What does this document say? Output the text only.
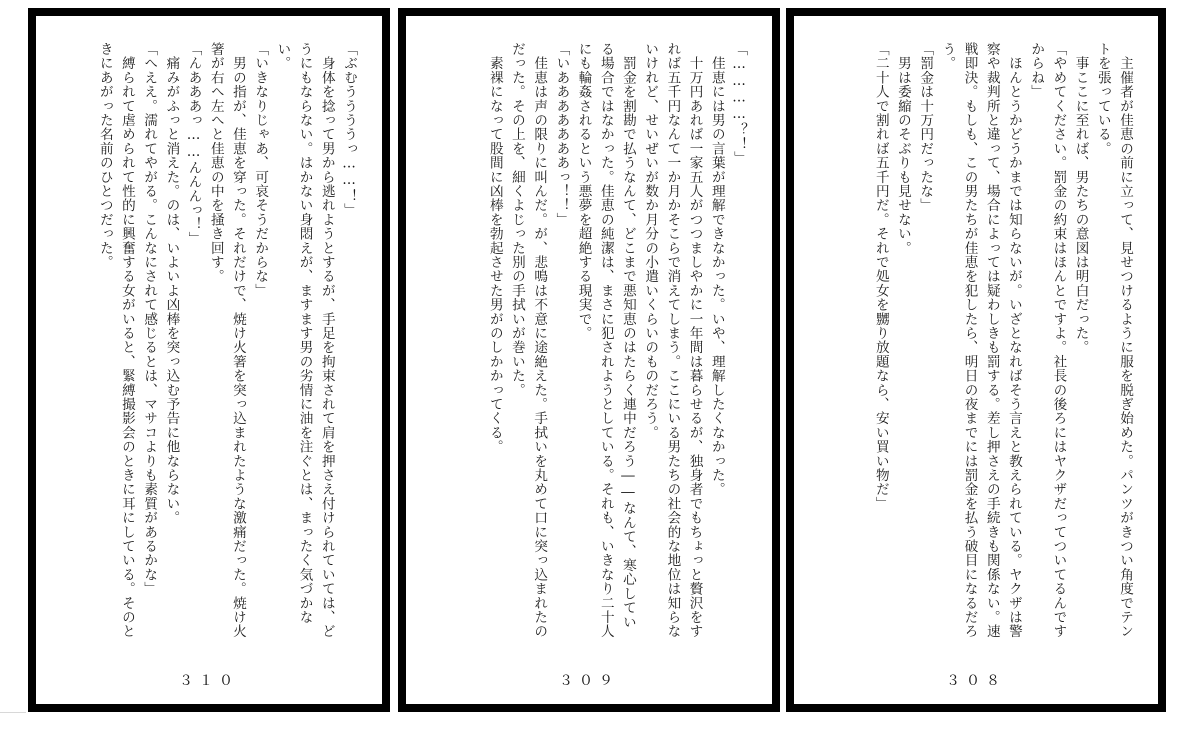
「ぶむううううっ……！」

　身体を捻って男から逃れようとするが、手足を拘束されて肩を押さえ付けられていては、どうにもならない。はかない身悶えが、ますます男の劣情に油を注ぐとは、まったく気づかない。

「いきなりじゃあ、可哀そうだからな」

　男の指が、佳恵を穿った。それだけで、焼け火箸を突っ込まれたような激痛だった。焼け火箸が右へ左へと佳恵の中を掻き回す。

「んあああっ……んんんっ！」

　痛みがふっと消えた。のは、いよいよ凶棒を突っ込む予告に他ならない。

「へええ。濡れてやがる。こんなにされて感じるとは、マサコよりも素質があるかな」

　縛られて虐められて性的に興奮する女がいると、緊縛撮影会のときに耳にしている。そのときにあがった名前のひとつだった。

３１０

「…………？！」

　佳恵には男の言葉が理解できなかった。いや、理解したくなかった。

　十万円あれば一家五人がつつましやかに一年間は暮らせるが、独身者でもちょっと贅沢をすれば五千円なんて一か月かそこらで消えてしまう。ここにいる男たちの社会的な地位は知らないけれど、せいぜいが数か月分の小遣いくらいのものだろう。

　罰金を割勘で払うなんて、どこまで悪知恵のはたらく連中だろう――なんて、寒心している場合ではなかった。佳恵の純潔は、まさに犯されようとしている。それも、いきなり二十人にも輪姦されるという悪夢を超絶する現実で。

「いあああああああっ！！」

　佳恵は声の限りに叫んだ。が、悲鳴は不意に途絶えた。手拭いを丸めて口に突っ込まれたのだった。その上を、細くよじった別の手拭いが巻いた。

　素裸になって股間に凶棒を勃起させた男がのしかかってくる。

３０９

　主催者が佳恵の前に立って、見せつけるように服を脱ぎ始めた。パンツがきつい角度でテントを張っている。

　事ここに至れば、男たちの意図は明白だった。

「やめてください。罰金の約束はほんとですよ。社長の後ろにはヤクザだってついてるんですからね」

　ほんとうかどうかまでは知らないが。いざとなればそう言えと教えられている。ヤクザは警察や裁判所と違って、場合によっては疑わしきも罰する。差し押さえの手続きも関係ない。速戦即決。もしも、この男たちが佳恵を犯したら、明日の夜までには罰金を払う破目になるだろう。

「罰金は十万円だったな」

　男は委縮のそぶりも見せない。

「二十人で割れば五千円だ。それで処女を嬲り放題なら、安い買い物だ」

３０８
